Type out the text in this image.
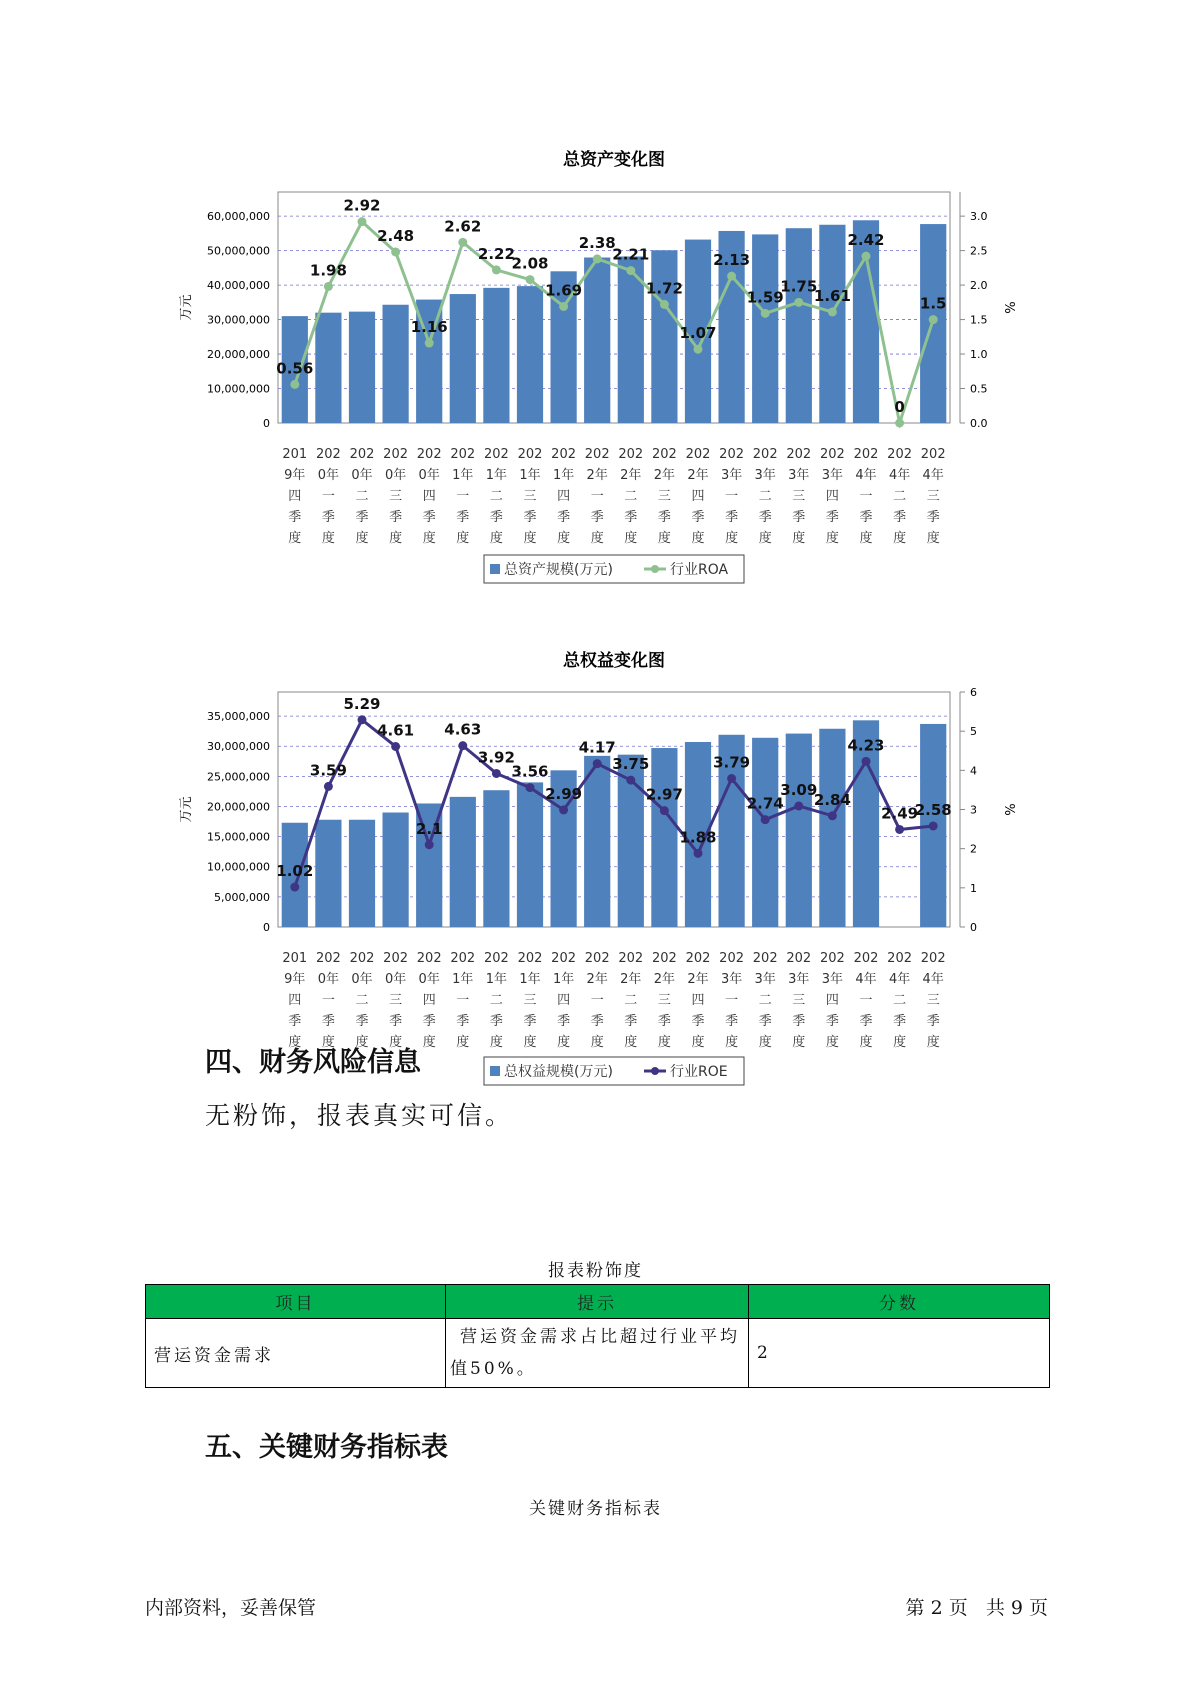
总资产变化图
0
10,000,000
20,000,000
30,000,000
40,000,000
50,000,000
60,000,000
0.0
0.5
1.0
1.5
2.0
2.5
3.0
万元	%
201
9年
四
季
度
202
0年
一
季
度
202
0年
二
季
度
202
0年
三
季
度
202
0年
四
季
度
202
1年
一
季
度
202
1年
二
季
度
202
1年
三
季
度
202
1年
四
季
度
202
2年
一
季
度
202
2年
二
季
度
202
2年
三
季
度
202
2年
四
季
度
202
3年
一
季
度
202
3年
二
季
度
202
3年
三
季
度
202
3年
四
季
度
202
4年
一
季
度
202
4年
二
季
度
202
4年
三
季
度
0.56
1.98
2.92
2.48
1.16
2.62
2.22
2.08
1.69
2.38
2.21
1.72
1.07
2.13
1.59
1.75
1.61
2.42
0
1.5
总资产规模(万元)	行业ROA
总权益变化图
0
5,000,000
10,000,000
15,000,000
20,000,000
25,000,000
30,000,000
35,000,000
0
1
2
3
4
5
6
万元	%
201
9年
四
季
度
202
0年
一
季
度
202
0年
二
季
度
202
0年
三
季
度
202
0年
四
季
度
202
1年
一
季
度
202
1年
二
季
度
202
1年
三
季
度
202
1年
四
季
度
202
2年
一
季
度
202
2年
二
季
度
202
2年
三
季
度
202
2年
四
季
度
202
3年
一
季
度
202
3年
二
季
度
202
3年
三
季
度
202
3年
四
季
度
202
4年
一
季
度
202
4年
二
季
度
202
4年
三
季
度
1.02
3.59
5.29
4.61
2.1
4.63
3.92
3.56
2.99
4.17
3.75
2.97
1.88
3.79
2.74
3.09
2.84
4.23
2.49
2.58
总权益规模(万元)	行业ROE
四、财务风险信息

无粉饰，报表真实可信。

报表粉饰度
项目	提示	分数
营运资金需求	营运资金需求占比超过行业平均
值50%。	2
五、关键财务指标表
关键财务指标表
内部资料，妥善保管	第 2 页   共 9 页
